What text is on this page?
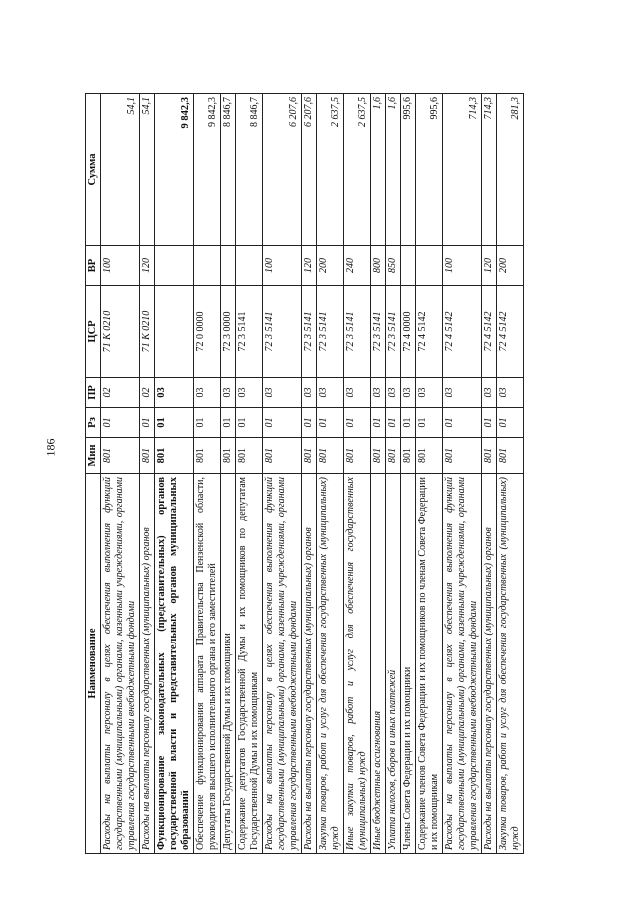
186
Наименование	Мин	Рз	ПР	ЦСР	ВР	Сумма
Расходы на выплаты персоналу в целях обеспечения выполнения функций государственными (муниципальными) органами, казенными учреждениями, органами управления государственными внебюджетными фондами	801	01	02	71 К 0210	100	54,1
Расходы на выплаты персоналу государственных (муниципальных) органов	801	01	02	71 К 0210	120	54,1
Функционирование законодательных (представительных) органов государственной власти и представительных органов муниципальных образований	801	01	03			9 842,3
Обеспечение функционирования аппарата Правительства Пензенской области, руководителя высшего исполнительного органа и его заместителей	801	01	03	72 0 0000		9 842,3
Депутаты Государственной Думы и их помощники	801	01	03	72 3 0000		8 846,7
Содержание депутатов Государственной Думы и их помощников по депутатам Государственной Думы и их помощникам	801	01	03	72 3 5141		8 846,7
Расходы на выплаты персоналу в целях обеспечения выполнения функций государственными (муниципальными) органами, казенными учреждениями, органами управления государственными внебюджетными фондами	801	01	03	72 3 5141	100	6 207,6
Расходы на выплаты персоналу государственных (муниципальных) органов	801	01	03	72 3 5141	120	6 207,6
Закупка товаров, работ и услуг для обеспечения государственных (муниципальных) нужд	801	01	03	72 3 5141	200	2 637,5
Иные закупки товаров, работ и услуг для обеспечения государственных (муниципальных) нужд	801	01	03	72 3 5141	240	2 637,5
Иные бюджетные ассигнования	801	01	03	72 3 5141	800	1,6
Уплата налогов, сборов и иных платежей	801	01	03	72 3 5141	850	1,6
Члены Совета Федерации и их помощники	801	01	03	72 4 0000		995,6
Содержание членов Совета Федерации и их помощников по членам Совета Федерации и их помощникам	801	01	03	72 4 5142		995,6
Расходы на выплаты персоналу в целях обеспечения выполнения функций государственными (муниципальными) органами, казенными учреждениями, органами управления государственными внебюджетными фондами	801	01	03	72 4 5142	100	714,3
Расходы на выплаты персоналу государственных (муниципальных) органов	801	01	03	72 4 5142	120	714,3
Закупка товаров, работ и услуг для обеспечения государственных (муниципальных) нужд	801	01	03	72 4 5142	200	281,3
